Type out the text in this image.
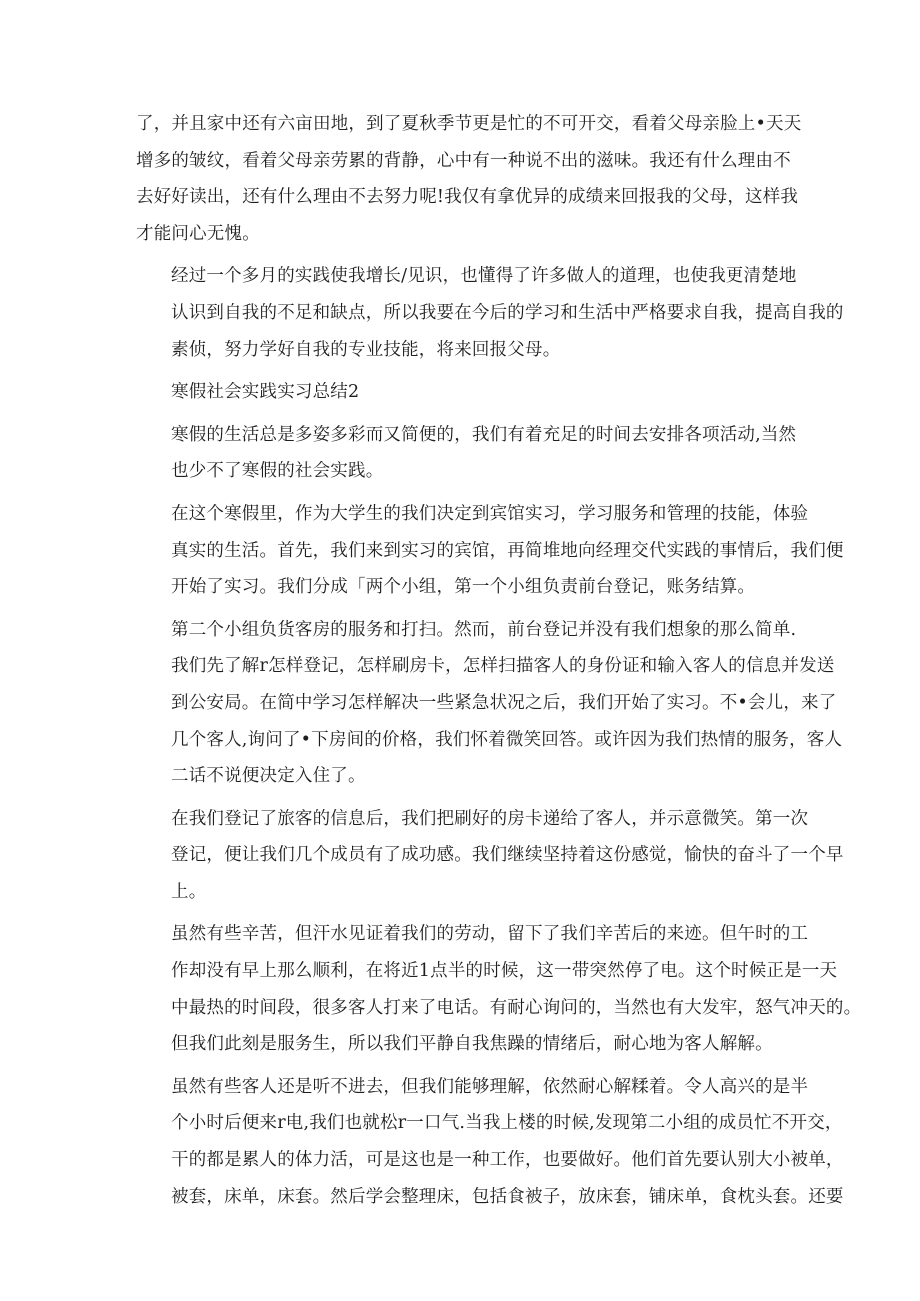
了，并且家中还有六亩田地，到了夏秋季节更是忙的不可开交，看着父母亲脸上•天天
增多的皱纹，看着父母亲劳累的背静，心中有一种说不出的滋味。我还有什么理由不
去好好读出，还有什么理由不去努力呢!我仅有拿优异的成绩来回报我的父母，这样我
才能问心无愧。

经过一个多月的实践使我增长/见识，也懂得了许多做人的道理，也使我更清楚地
认识到自我的不足和缺点，所以我要在今后的学习和生活中严格要求自我，提高自我的
素侦，努力学好自我的专业技能，将来回报父母。

寒假社会实践实习总结2

寒假的生活总是多姿多彩而又简便的，我们有着充足的时间去安排各项活动,当然
也少不了寒假的社会实践。

在这个寒假里，作为大学生的我们决定到宾馆实习，学习服务和管理的技能，体验
真实的生活。首先，我们来到实习的宾馆，再简堆地向经理交代实践的事情后，我们便
开始了实习。我们分成「两个小组，第一个小组负责前台登记，账务结算。

第二个小组负货客房的服务和打扫。然而，前台登记并没有我们想象的那么简单.
我们先了解r怎样登记，怎样刷房卡，怎样扫描客人的身份证和输入客人的信息并发送
到公安局。在简中学习怎样解决一些紧急状况之后，我们开始了实习。不•会儿，来了
几个客人,询问了•下房间的价格，我们怀着微笑回答。或许因为我们热情的服务，客人
二话不说便决定入住了。

在我们登记了旅客的信息后，我们把刷好的房卡递给了客人，并示意微笑。第一次
登记，便让我们几个成员有了成功感。我们继续坚持着这份感觉，愉快的奋斗了一个早
上。

虽然有些辛苦，但汗水见证着我们的劳动，留下了我们辛苦后的来迹。但午时的工
作却没有早上那么顺利，在将近1点半的时候，这一带突然停了电。这个时候正是一天
中最热的时间段，很多客人打来了电话。有耐心询问的，当然也有大发牢，怒气冲天的。
但我们此刻是服务生，所以我们平静自我焦躁的情绪后，耐心地为客人解解。

虽然有些客人还是听不进去，但我们能够理解，依然耐心解糅着。令人高兴的是半
个小时后便来r电,我们也就松r一口气.当我上楼的时候,发现第二小组的成员忙不开交，
干的都是累人的体力活，可是这也是一种工作，也要做好。他们首先要认别大小被单，
被套，床单，床套。然后学会整理床，包括食被子，放床套，铺床单，食枕头套。还要
